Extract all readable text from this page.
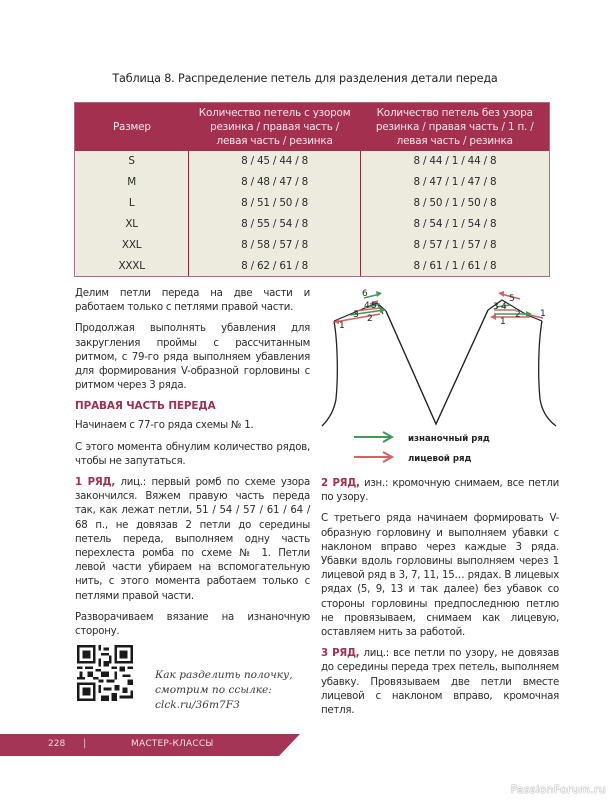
Таблица 8. Распределение петель для разделения детали переда
Размер	
Количество петель с узором
резинка / правая часть /
левая часть / резинка

Количество петель без узора
резинка / правая часть / 1 п. /
левая часть / резинка

S	8 / 45 / 44 / 8	8 / 44 / 1 / 44 / 8
M	8 / 48 / 47 / 8	8 / 47 / 1 / 47 / 8
L	8 / 51 / 50 / 8	8 / 50 / 1 / 50 / 8
XL	8 / 55 / 54 / 8	8 / 54 / 1 / 54 / 8
XXL	8 / 58 / 57 / 8	8 / 57 / 1 / 57 / 8
XXXL	8 / 62 / 61 / 8	8 / 61 / 1 / 61 / 8

Делим петли переда на две части и работаем только с петлями правой части.

Продолжая выполнять убавления для закругления проймы с рассчитанным ритмом, с 79-го ряда выполняем убавления для формирования V-образной горловины с ритмом через 3 ряда.

ПРАВАЯ ЧАСТЬ ПЕРЕДА

Начинаем с 77-го ряда схемы № 1.

С этого момента обнулим количество рядов, чтобы не запутаться.

1 РЯД, лиц.: первый ромб по схеме узора закончился. Вяжем правую часть переда так, как лежат петли, 51 / 54 / 57 / 61 / 64 / 68 п., не довязав 2 петли до середины петель переда, выполняем одну часть перехлеста ромба по схеме № 1. Петли левой части убираем на вспомогательную нить, с этого момента работаем только с петлями правой части.

Разворачиваем вязание на изнаночную сторону.

6
4 5
3 2
1
5
4
3
2 1
1
изнаночный ряд
лицевой ряд

2 РЯД, изн.: кромочную снимаем, все петли по узору.

С третьего ряда начинаем формировать V-образную горловину и выполняем убавки с наклоном вправо через каждые 3 ряда. Убавки вдоль горловины выполняем через 1 лицевой ряд в 3, 7, 11, 15… рядах. В лицевых рядах (5, 9, 13 и так далее) без убавок со стороны горловины предпоследнюю петлю не провязываем, снимаем как лицевую, оставляем нить за работой.

3 РЯД, лиц.: все петли по узору, не довязав до середины переда трех петель, выполняем убавку. Провязываем две петли вместе лицевой с наклоном вправо, кромочная петля.

Как разделить полочку,
смотрим по ссылке:
clck.ru/36m7F3
228 |	МАСТЕР-КЛАССЫ
PassionForum.ru
